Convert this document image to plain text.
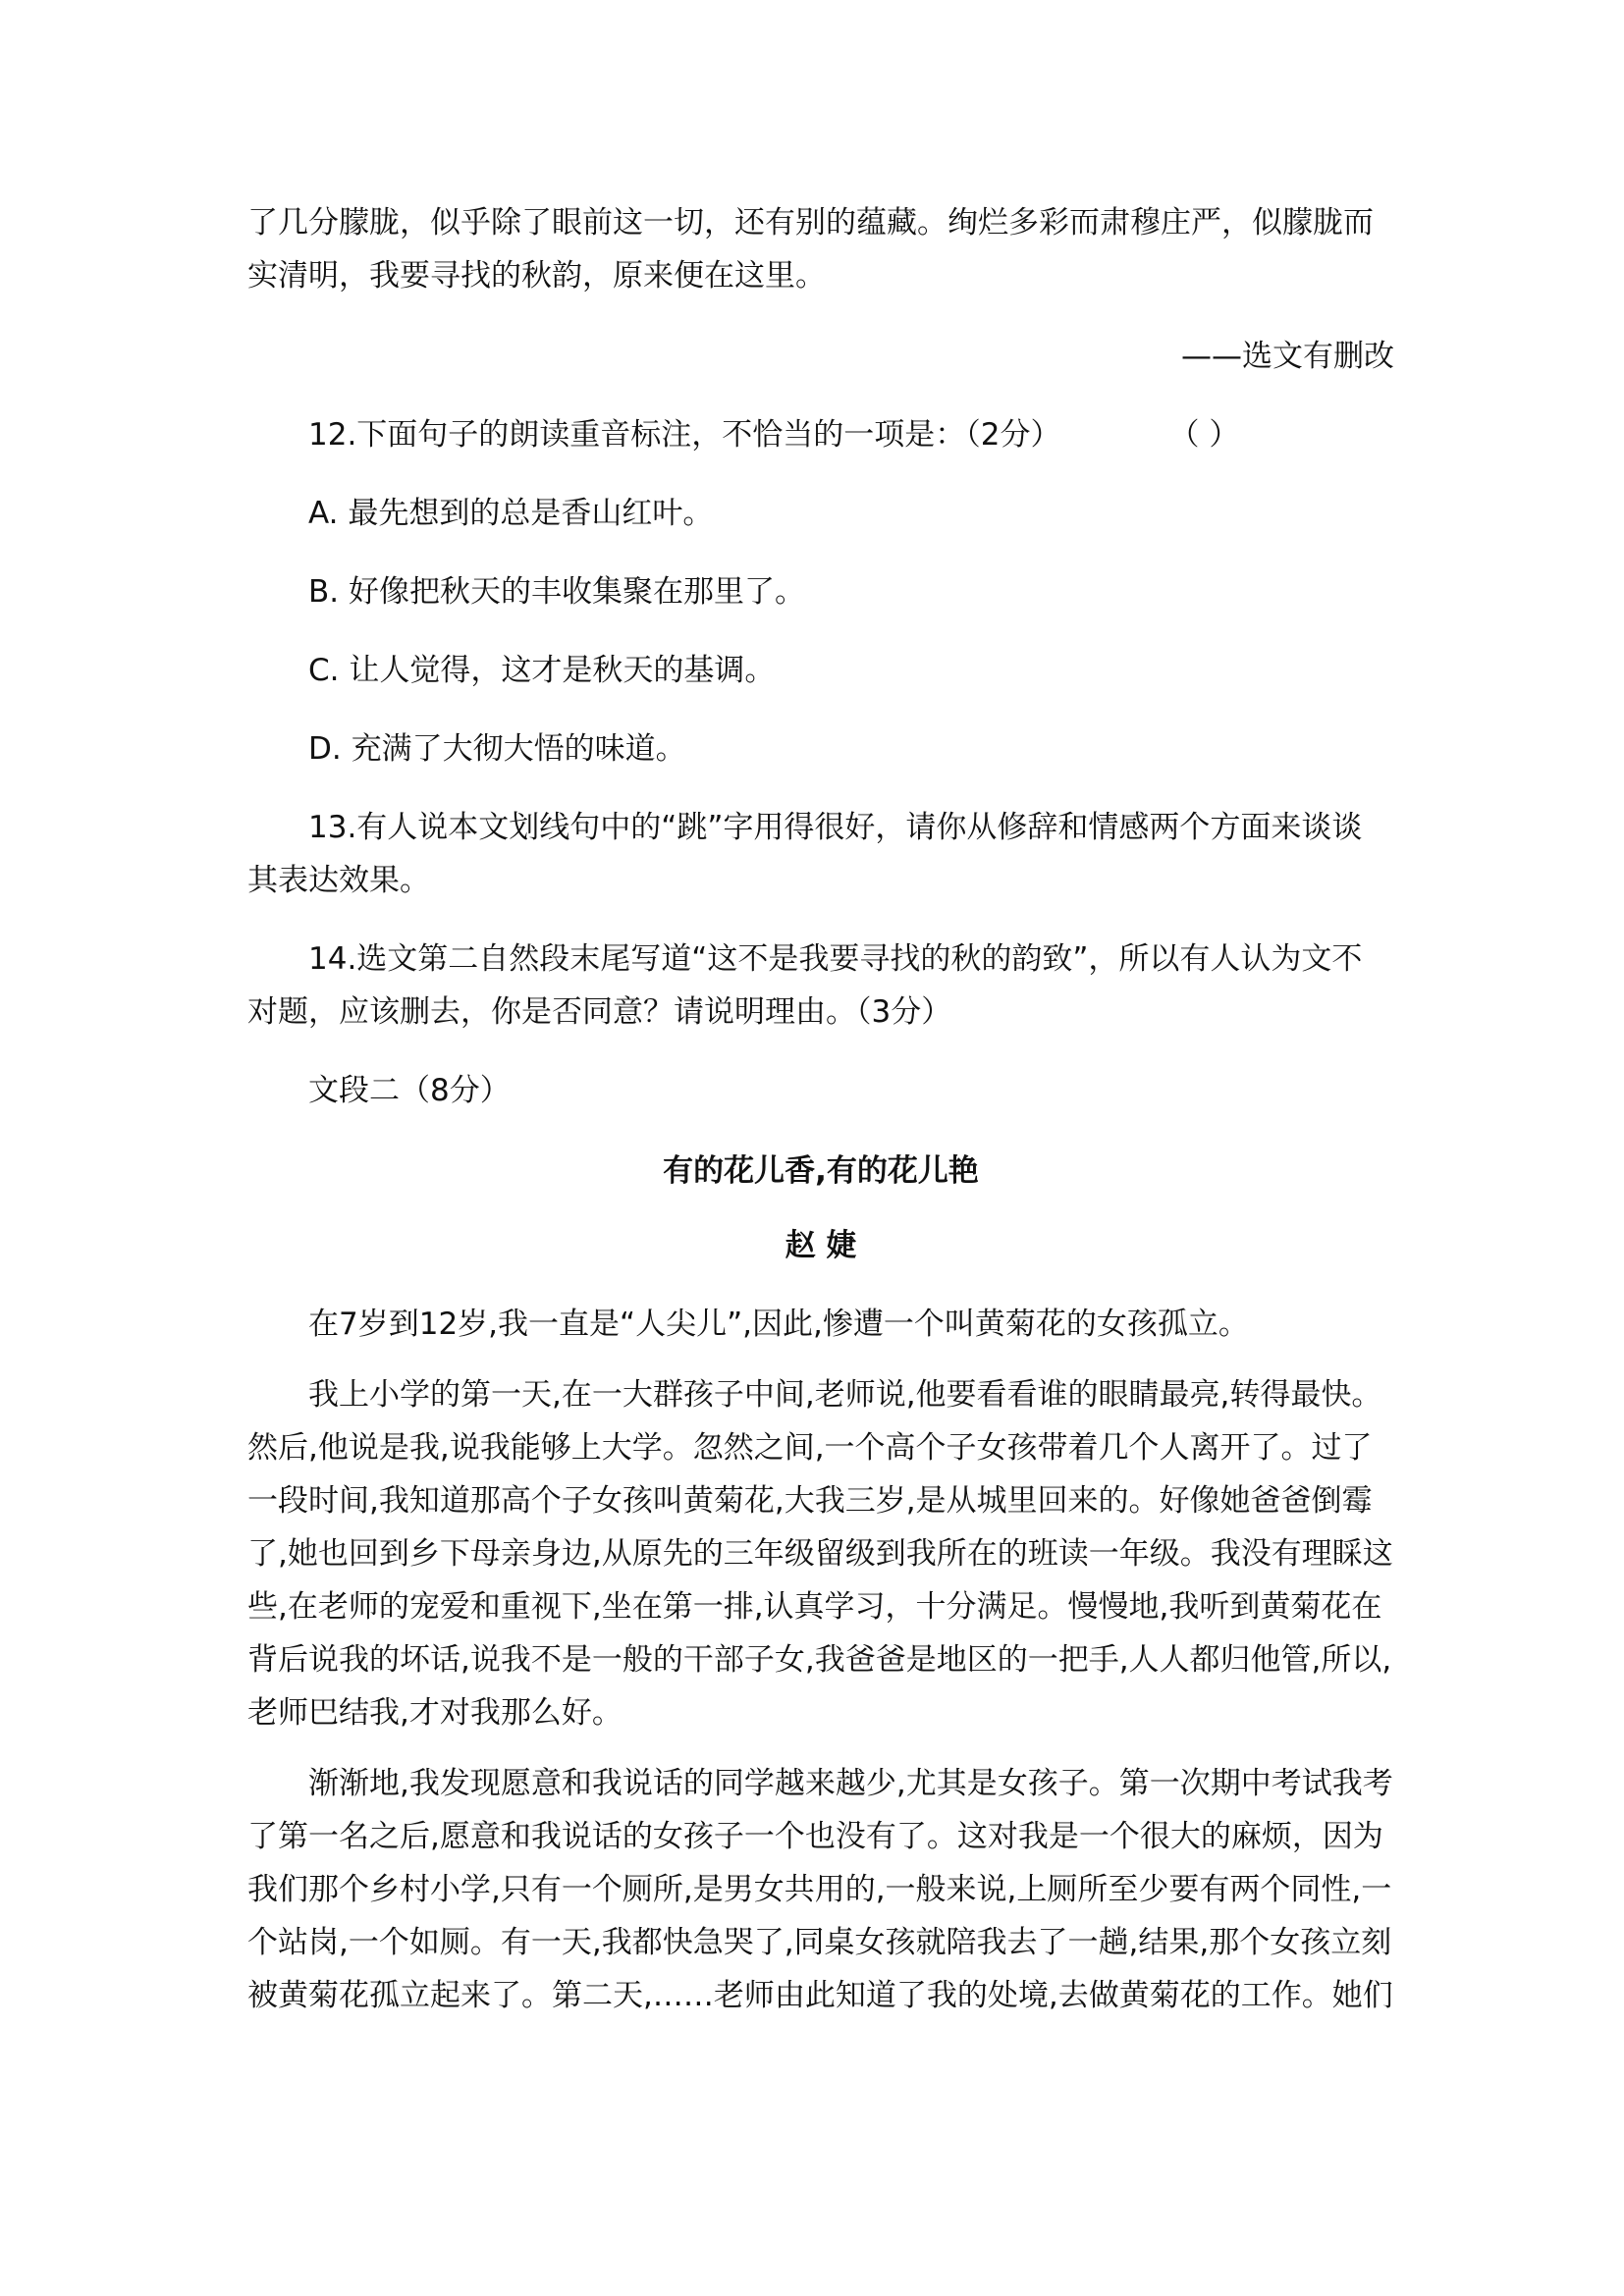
了几分朦胧，似乎除了眼前这一切，还有别的蕴藏。绚烂多彩而肃穆庄严，似朦胧而
实清明，我要寻找的秋韵，原来便在这里。

——选文有删改

12.下面句子的朗读重音标注，不恰当的一项是：（2分）	（ ）

A. 最先想到的总是香山红叶。

B. 好像把秋天的丰收集聚在那里了。

C. 让人觉得，这才是秋天的基调。

D. 充满了大彻大悟的味道。

13.有人说本文划线句中的“跳”字用得很好，请你从修辞和情感两个方面来谈谈
其表达效果。

14.选文第二自然段末尾写道“这不是我要寻找的秋的韵致”，所以有人认为文不
对题，应该删去，你是否同意？请说明理由。（3分）

文段二（8分）

有的花儿香,有的花儿艳

赵 婕

在7岁到12岁,我一直是“人尖儿”,因此,惨遭一个叫黄菊花的女孩孤立。

我上小学的第一天,在一大群孩子中间,老师说,他要看看谁的眼睛最亮,转得最快。
然后,他说是我,说我能够上大学。忽然之间,一个高个子女孩带着几个人离开了。过了
一段时间,我知道那高个子女孩叫黄菊花,大我三岁,是从城里回来的。好像她爸爸倒霉
了,她也回到乡下母亲身边,从原先的三年级留级到我所在的班读一年级。我没有理睬这
些,在老师的宠爱和重视下,坐在第一排,认真学习，十分满足。慢慢地,我听到黄菊花在
背后说我的坏话,说我不是一般的干部子女,我爸爸是地区的一把手,人人都归他管,所以,
老师巴结我,才对我那么好。

渐渐地,我发现愿意和我说话的同学越来越少,尤其是女孩子。第一次期中考试我考
了第一名之后,愿意和我说话的女孩子一个也没有了。这对我是一个很大的麻烦，因为
我们那个乡村小学,只有一个厕所,是男女共用的,一般来说,上厕所至少要有两个同性,一
个站岗,一个如厕。有一天,我都快急哭了,同桌女孩就陪我去了一趟,结果,那个女孩立刻
被黄菊花孤立起来了。第二天,……老师由此知道了我的处境,去做黄菊花的工作。她们
